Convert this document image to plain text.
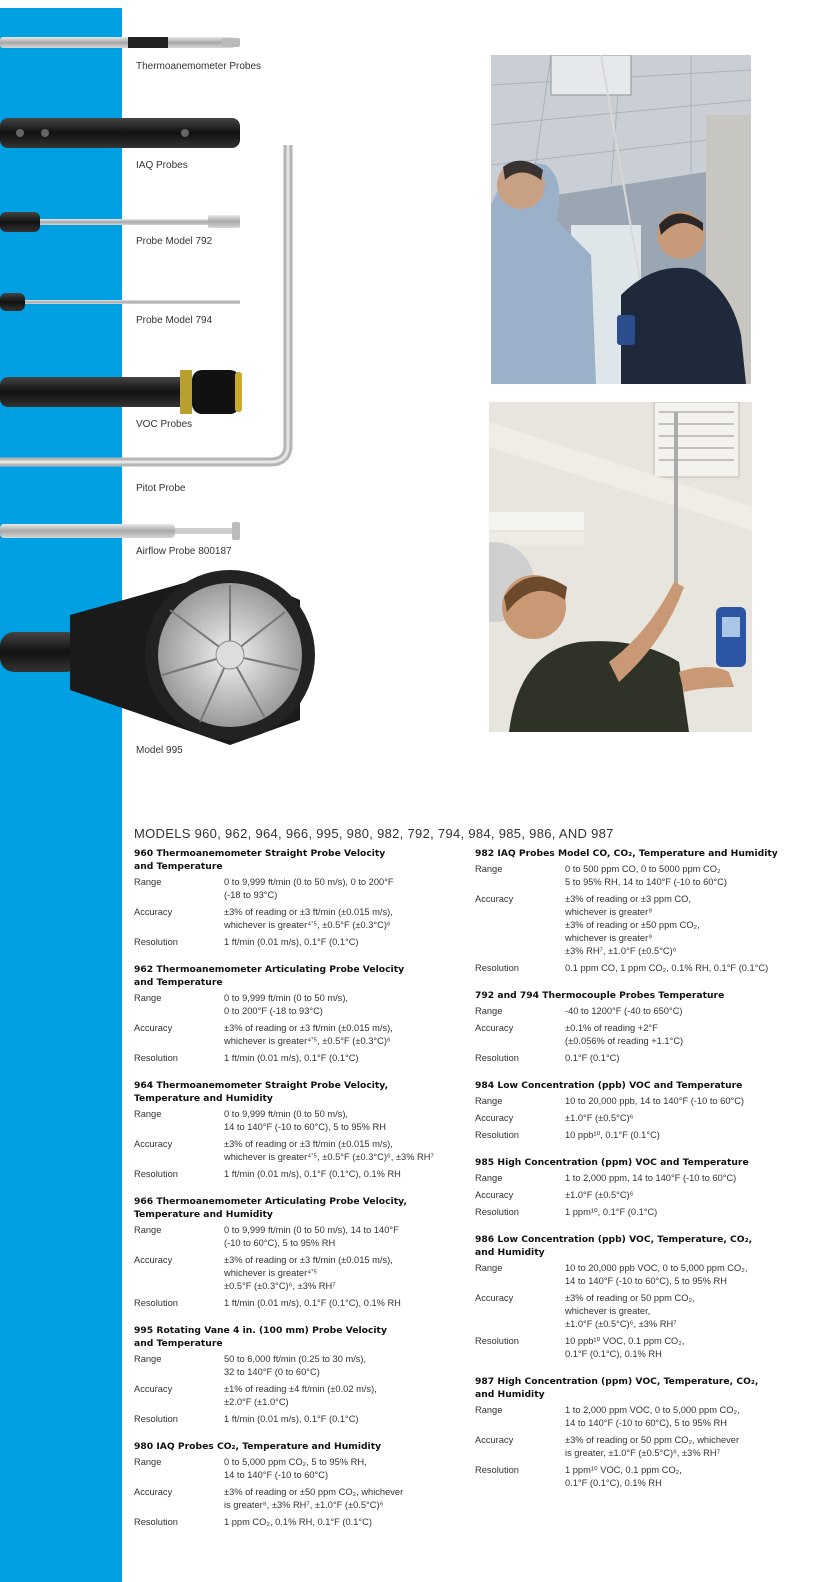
Thermoanemometer Probes
IAQ Probes
Probe Model 792
Probe Model 794
VOC Probes
Pitot Probe
Airflow Probe 800187
Model 995
MODELS 960, 962, 964, 966, 995, 980, 982, 792, 794, 984, 985, 986, AND 987
960 Thermoanemometer Straight Probe Velocity
and Temperature
Range	0 to 9,999 ft/min (0 to 50 m/s), 0 to 200°F
(-18 to 93°C)
Accuracy	±3% of reading or ±3 ft/min (±0.015 m/s),
whichever is greater⁴ʼ⁵, ±0.5°F (±0.3°C)⁶
Resolution	1 ft/min (0.01 m/s), 0.1°F (0.1°C)
962 Thermoanemometer Articulating Probe Velocity
and Temperature
Range	0 to 9,999 ft/min (0 to 50 m/s),
0 to 200°F (-18 to 93°C)
Accuracy	±3% of reading or ±3 ft/min (±0.015 m/s),
whichever is greater⁴ʼ⁵, ±0.5°F (±0.3°C)⁶
Resolution	1 ft/min (0.01 m/s), 0.1°F (0.1°C)
964 Thermoanemometer Straight Probe Velocity,
Temperature and Humidity
Range	0 to 9,999 ft/min (0 to 50 m/s),
14 to 140°F (-10 to 60°C), 5 to 95% RH
Accuracy	±3% of reading or ±3 ft/min (±0.015 m/s),
whichever is greater⁴ʼ⁵, ±0.5°F (±0.3°C)⁶, ±3% RH⁷
Resolution	1 ft/min (0.01 m/s), 0.1°F (0.1°C), 0.1% RH
966 Thermoanemometer Articulating Probe Velocity,
Temperature and Humidity
Range	0 to 9,999 ft/min (0 to 50 m/s), 14 to 140°F
(-10 to 60°C), 5 to 95% RH
Accuracy	±3% of reading or ±3 ft/min (±0.015 m/s),
whichever is greater⁴ʼ⁵
±0.5°F (±0.3°C)⁶, ±3% RH⁷
Resolution	1 ft/min (0.01 m/s), 0.1°F (0.1°C), 0.1% RH
995 Rotating Vane 4 in. (100 mm) Probe Velocity
and Temperature
Range	50 to 6,000 ft/min (0.25 to 30 m/s),
32 to 140°F (0 to 60°C)
Accuracy	±1% of reading ±4 ft/min (±0.02 m/s),
±2.0°F (±1.0°C)
Resolution	1 ft/min (0.01 m/s), 0.1°F (0.1°C)
980 IAQ Probes CO₂, Temperature and Humidity
Range	0 to 5,000 ppm CO₂, 5 to 95% RH,
14 to 140°F (-10 to 60°C)
Accuracy	±3% of reading or ±50 ppm CO₂, whichever
is greater⁸, ±3% RH⁷, ±1.0°F (±0.5°C)⁶
Resolution	1 ppm CO₂, 0.1% RH, 0.1°F (0.1°C)
982 IAQ Probes Model CO, CO₂, Temperature and Humidity
Range	0 to 500 ppm CO, 0 to 5000 ppm CO₂
5 to 95% RH, 14 to 140°F (-10 to 60°C)
Accuracy	±3% of reading or ±3 ppm CO,
whichever is greater⁹
±3% of reading or ±50 ppm CO₂,
whichever is greater⁹
±3% RH⁷, ±1.0°F (±0.5°C)⁶
Resolution	0.1 ppm CO, 1 ppm CO₂, 0.1% RH, 0.1°F (0.1°C)
792 and 794 Thermocouple Probes Temperature
Range	-40 to 1200°F (-40 to 650°C)
Accuracy	±0.1% of reading +2°F
(±0.056% of reading +1.1°C)
Resolution	0.1°F (0.1°C)
984 Low Concentration (ppb) VOC and Temperature
Range	10 to 20,000 ppb, 14 to 140°F (-10 to 60°C)
Accuracy	±1.0°F (±0.5°C)⁶
Resolution	10 ppb¹⁰, 0.1°F (0.1°C)
985 High Concentration (ppm) VOC and Temperature
Range	1 to 2,000 ppm, 14 to 140°F (-10 to 60°C)
Accuracy	±1.0°F (±0.5°C)⁶
Resolution	1 ppm¹⁰, 0.1°F (0.1°C)
986 Low Concentration (ppb) VOC, Temperature, CO₂,
and Humidity
Range	10 to 20,000 ppb VOC, 0 to 5,000 ppm CO₂,
14 to 140°F (-10 to 60°C), 5 to 95% RH
Accuracy	±3% of reading or 50 ppm CO₂,
whichever is greater,
±1.0°F (±0.5°C)⁶, ±3% RH⁷
Resolution	10 ppb¹⁰ VOC, 0.1 ppm CO₂,
0.1°F (0.1°C), 0.1% RH
987 High Concentration (ppm) VOC, Temperature, CO₂,
and Humidity
Range	1 to 2,000 ppm VOC, 0 to 5,000 ppm CO₂,
14 to 140°F (-10 to 60°C), 5 to 95% RH
Accuracy	±3% of reading or 50 ppm CO₂, whichever
is greater, ±1.0°F (±0.5°C)⁶, ±3% RH⁷
Resolution	1 ppm¹⁰ VOC, 0.1 ppm CO₂,
0.1°F (0.1°C), 0.1% RH
